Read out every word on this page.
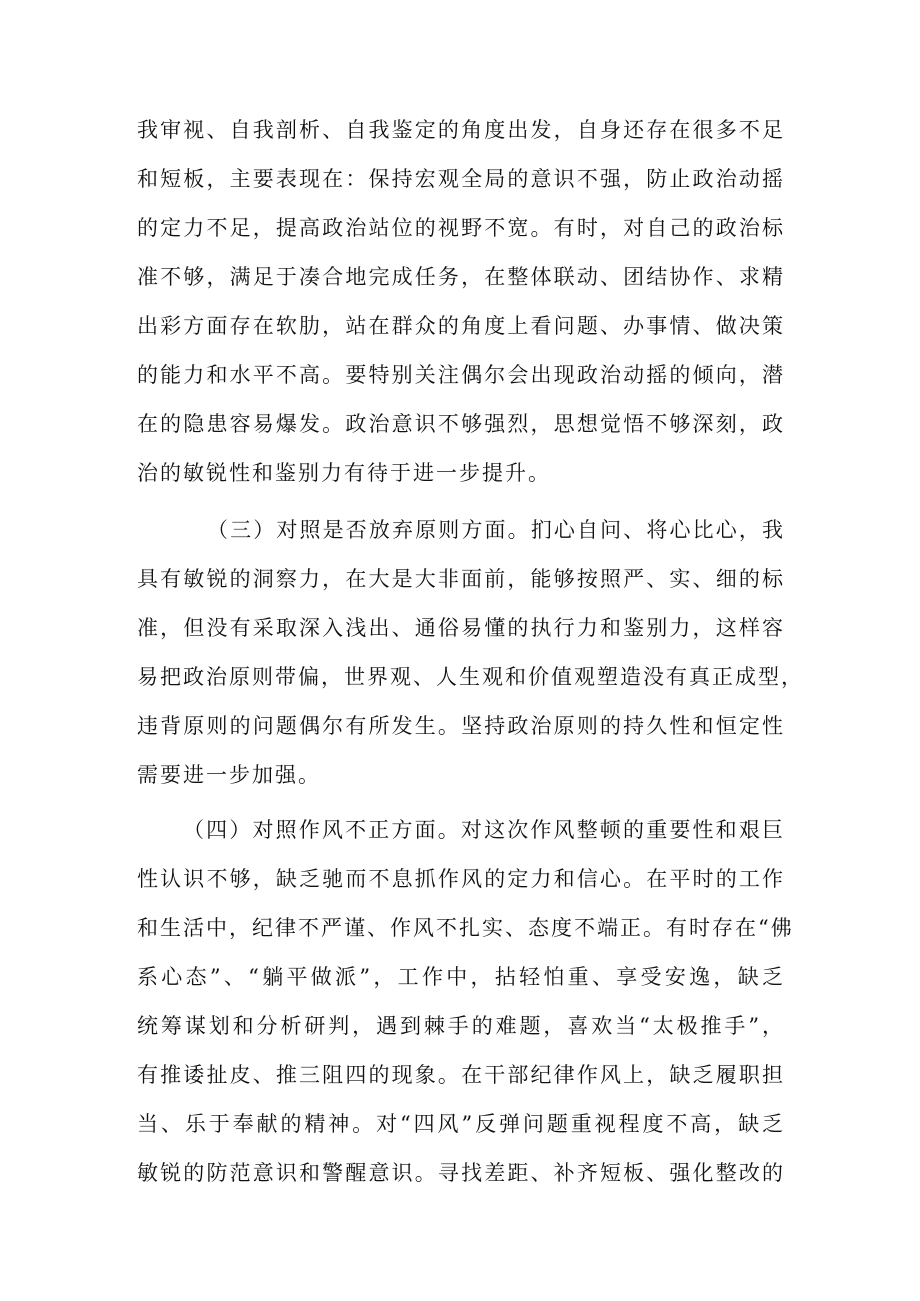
我审视、自我剖析、自我鉴定的角度出发，自身还存在很多不足
和短板，主要表现在：保持宏观全局的意识不强，防止政治动摇
的定力不足，提高政治站位的视野不宽。有时，对自己的政治标
准不够，满足于凑合地完成任务，在整体联动、团结协作、求精
出彩方面存在软肋，站在群众的角度上看问题、办事情、做决策
的能力和水平不高。要特别关注偶尔会出现政治动摇的倾向，潜
在的隐患容易爆发。政治意识不够强烈，思想觉悟不够深刻，政
治的敏锐性和鉴别力有待于进一步提升。
（三）对照是否放弃原则方面。扪心自问、将心比心，我
具有敏锐的洞察力，在大是大非面前，能够按照严、实、细的标
准，但没有采取深入浅出、通俗易懂的执行力和鉴别力，这样容
易把政治原则带偏，世界观、人生观和价值观塑造没有真正成型，
违背原则的问题偶尔有所发生。坚持政治原则的持久性和恒定性
需要进一步加强。
（四）对照作风不正方面。对这次作风整顿的重要性和艰巨
性认识不够，缺乏驰而不息抓作风的定力和信心。在平时的工作
和生活中，纪律不严谨、作风不扎实、态度不端正。有时存在“佛
系心态”、“躺平做派”，工作中，拈轻怕重、享受安逸，缺乏
统筹谋划和分析研判，遇到棘手的难题，喜欢当“太极推手”，
有推诿扯皮、推三阻四的现象。在干部纪律作风上，缺乏履职担
当、乐于奉献的精神。对“四风”反弹问题重视程度不高，缺乏
敏锐的防范意识和警醒意识。寻找差距、补齐短板、强化整改的
